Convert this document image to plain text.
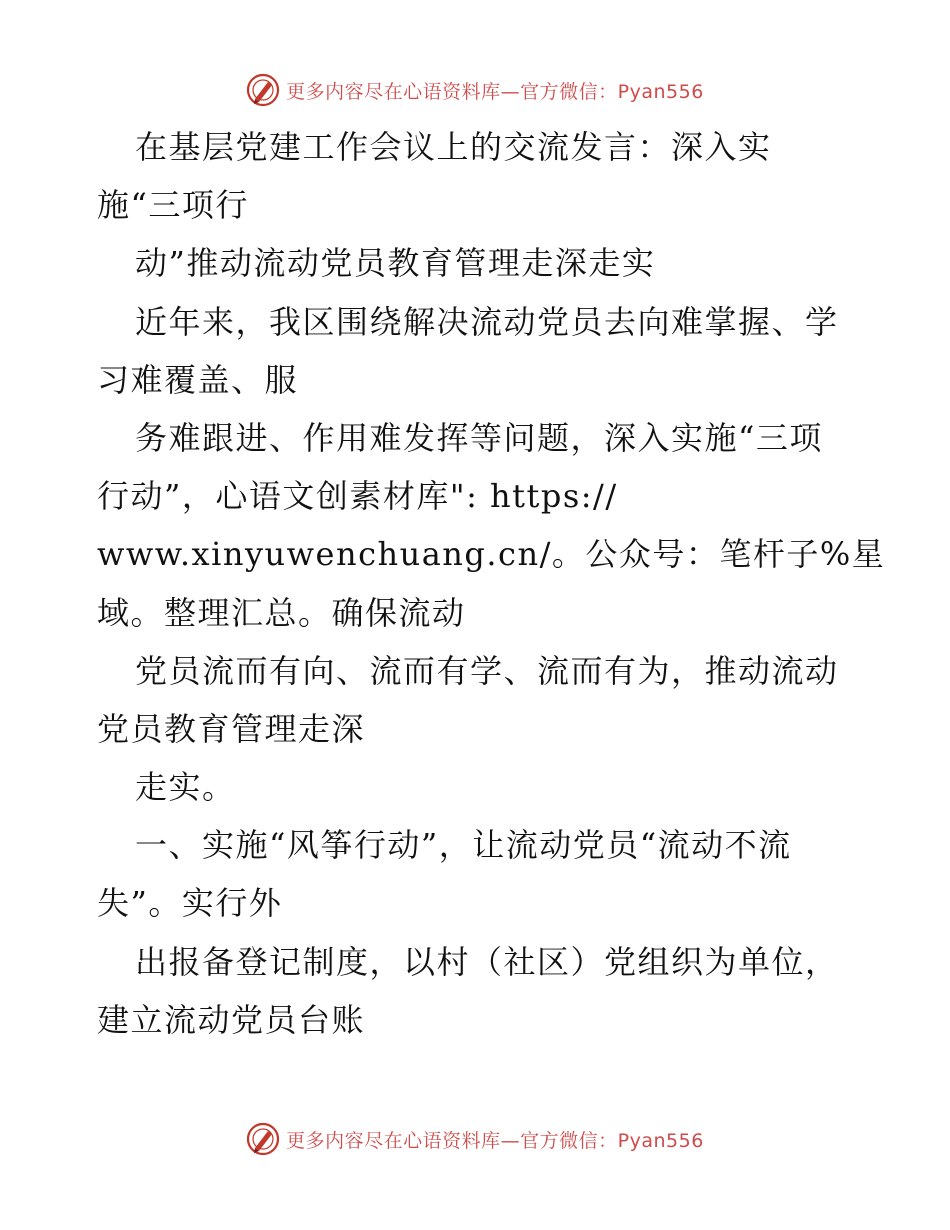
更多内容尽在心语资料库—官方微信：Pyan556
在基层党建工作会议上的交流发言：深入实
施“三项行
动”推动流动党员教育管理走深走实
近年来，我区围绕解决流动党员去向难掌握、学
习难覆盖、服
务难跟进、作用难发挥等问题，深入实施“三项
行动”，心语文创素材库": https://
www.xinyuwenchuang.cn/。公众号：笔杆子%星
域。整理汇总。确保流动
党员流而有向、流而有学、流而有为，推动流动
党员教育管理走深
走实。
一、实施“风筝行动”，让流动党员“流动不流
失”。实行外
出报备登记制度，以村（社区）党组织为单位，
建立流动党员台账
更多内容尽在心语资料库—官方微信：Pyan556
